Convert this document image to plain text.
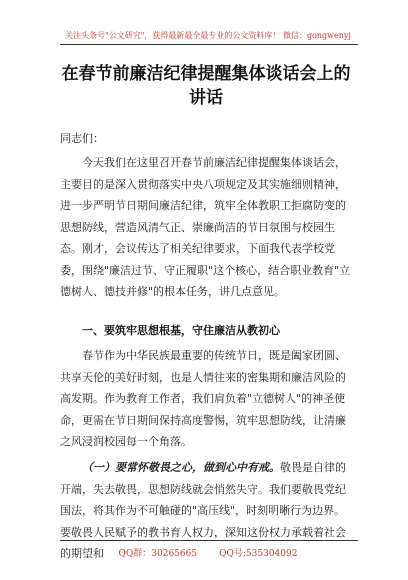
关注头条号"公文研究"，获得最新最全最专业的公文资料库！ 微信：gongwenyj
在春节前廉洁纪律提醒集体谈话会上的讲话
同志们：
今天我们在这里召开春节前廉洁纪律提醒集体谈话会，主要目的是深入贯彻落实中央八项规定及其实施细则精神，进一步严明节日期间廉洁纪律，筑牢全体教职工拒腐防变的思想防线，营造风清气正、崇廉尚洁的节日氛围与校园生态。刚才，会议传达了相关纪律要求，下面我代表学校党委，围绕"廉洁过节、守正履职"这个核心，结合职业教育"立德树人、德技并修"的根本任务，讲几点意见。
一、要筑牢思想根基，守住廉洁从教初心
春节作为中华民族最重要的传统节日，既是阖家团圆、共享天伦的美好时刻，也是人情往来的密集期和廉洁风险的高发期。作为教育工作者，我们肩负着"立德树人"的神圣使命，更需在节日期间保持高度警惕，筑牢思想防线，让清廉之风浸润校园每一个角落。
（一）要常怀敬畏之心，做到心中有戒。敬畏是自律的开端，失去敬畏，思想防线就会悄然失守。我们要敬畏党纪国法，将其作为不可触碰的"高压线"，时刻明晰行为边界。要敬畏人民赋予的教书育人权力，深知这份权力承载着社会的期望和	QQ群：30265665 QQ号:535304092
